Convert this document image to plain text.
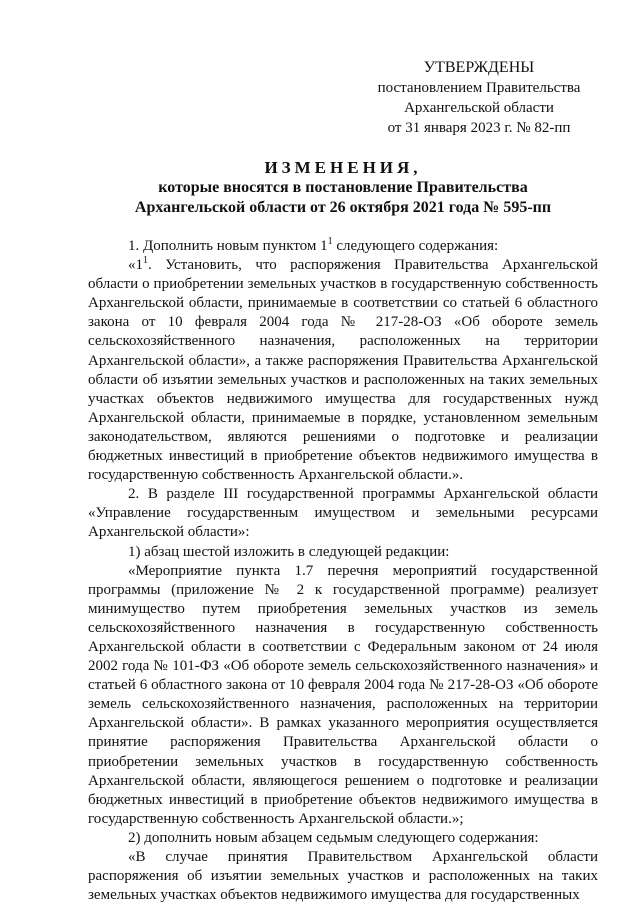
УТВЕРЖДЕНЫ
постановлением Правительства
Архангельской области
от 31 января 2023 г. № 82-пп
ИЗМЕНЕНИЯ,
которые вносятся в постановление Правительства
Архангельской области от 26 октября 2021 года № 595-пп

1. Дополнить новым пунктом $1^1$ следующего содержания:

«$1^1$. Установить, что распоряжения Правительства Архангельской области о приобретении земельных участков в государственную собственность Архангельской области, принимаемые в соответствии со статьей 6 областного закона от 10 февраля 2004 года № 217-28-ОЗ «Об обороте земель сельскохозяйственного назначения, расположенных на территории Архангельской области», а также распоряжения Правительства Архангельской области об изъятии земельных участков и расположенных на таких земельных участках объектов недвижимого имущества для государственных нужд Архангельской области, принимаемые в порядке, установленном земельным законодательством, являются решениями о подготовке и реализации бюджетных инвестиций в приобретение объектов недвижимого имущества в государственную собственность Архангельской области.».

2. В разделе III государственной программы Архангельской области «Управление государственным имуществом и земельными ресурсами Архангельской области»:

1) абзац шестой изложить в следующей редакции:

«Мероприятие пункта 1.7 перечня мероприятий государственной программы (приложение № 2 к государственной программе) реализует минимущество путем приобретения земельных участков из земель сельскохозяйственного назначения в государственную собственность Архангельской области в соответствии с Федеральным законом от 24 июля 2002 года № 101-ФЗ «Об обороте земель сельскохозяйственного назначения» и статьей 6 областного закона от 10 февраля 2004 года № 217-28-ОЗ «Об обороте земель сельскохозяйственного назначения, расположенных на территории Архангельской области». В рамках указанного мероприятия осуществляется принятие распоряжения Правительства Архангельской области о приобретении земельных участков в государственную собственность Архангельской области, являющегося решением о подготовке и реализации бюджетных инвестиций в приобретение объектов недвижимого имущества в государственную собственность Архангельской области.»;

2) дополнить новым абзацем седьмым следующего содержания:

«В случае принятия Правительством Архангельской области распоряжения об изъятии земельных участков и расположенных на таких земельных участках объектов недвижимого имущества для государственных
